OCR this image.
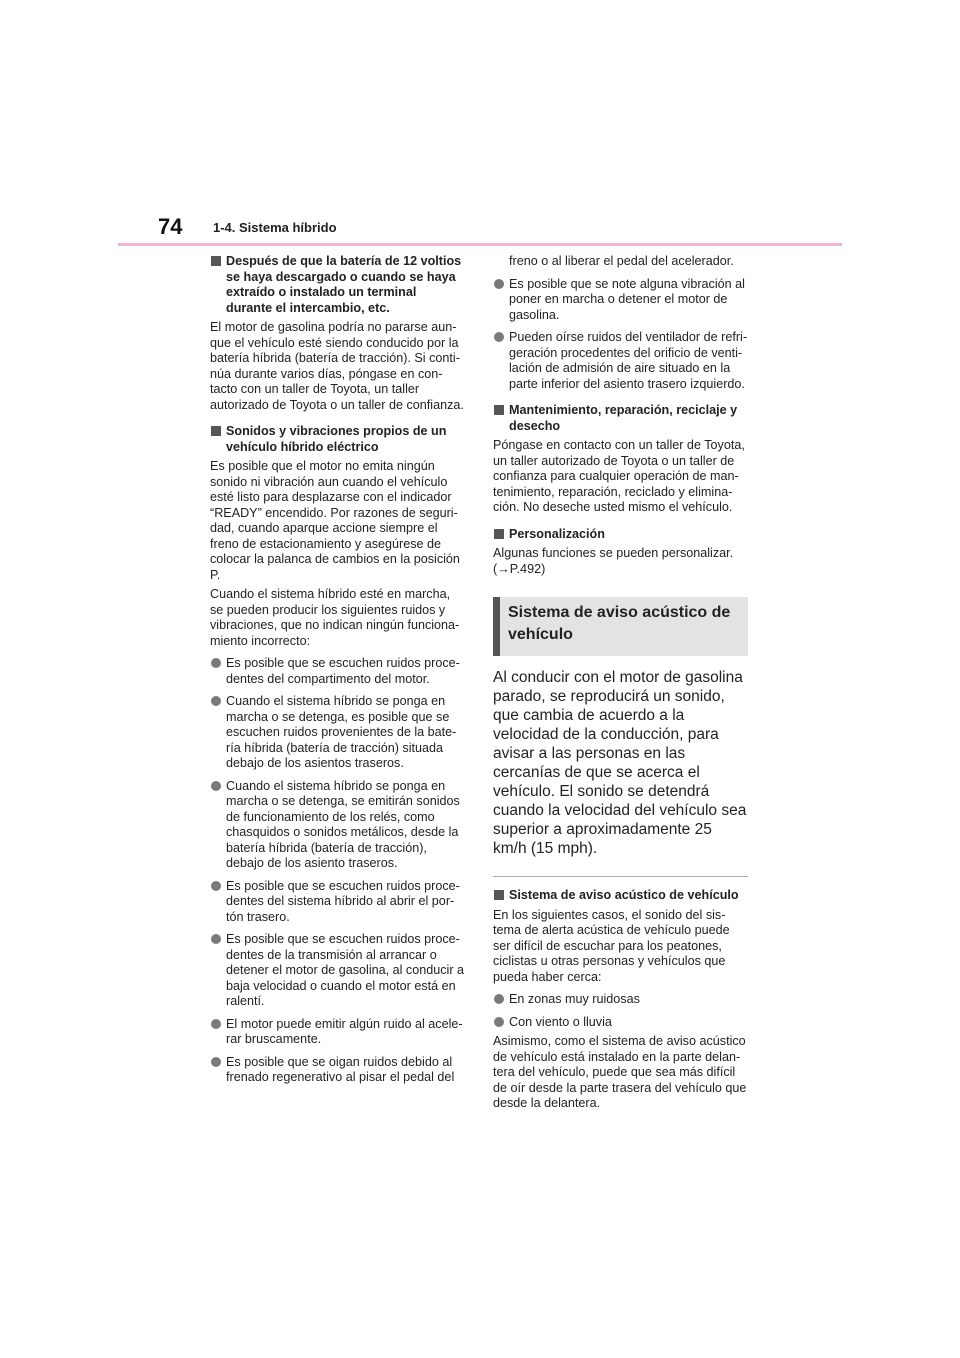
74 1-4. Sistema híbrido
Después de que la batería de 12 voltios se haya descargado o cuando se haya extraído o instalado un terminal durante el intercambio, etc.

El motor de gasolina podría no pararse aun-que el vehículo esté siendo conducido por la batería híbrida (batería de tracción). Si conti-núa durante varios días, póngase en con-tacto con un taller de Toyota, un taller autorizado de Toyota o un taller de confianza.

Sonidos y vibraciones propios de un vehículo híbrido eléctrico

Es posible que el motor no emita ningún sonido ni vibración aun cuando el vehículo esté listo para desplazarse con el indicador “READY” encendido. Por razones de seguri-dad, cuando aparque accione siempre el freno de estacionamiento y asegúrese de colocar la palanca de cambios en la posición P.

Cuando el sistema híbrido esté en marcha, se pueden producir los siguientes ruidos y vibraciones, que no indican ningún funciona-miento incorrecto:

Es posible que se escuchen ruidos proce-dentes del compartimento del motor.
Cuando el sistema híbrido se ponga en marcha o se detenga, es posible que se escuchen ruidos provenientes de la bate-ría híbrida (batería de tracción) situada debajo de los asientos traseros.
Cuando el sistema híbrido se ponga en marcha o se detenga, se emitirán sonidos de funcionamiento de los relés, como chasquidos o sonidos metálicos, desde la batería híbrida (batería de tracción), debajo de los asiento traseros.
Es posible que se escuchen ruidos proce-dentes del sistema híbrido al abrir el por-tón trasero.
Es posible que se escuchen ruidos proce-dentes de la transmisión al arrancar o detener el motor de gasolina, al conducir a baja velocidad o cuando el motor está en ralentí.
El motor puede emitir algún ruido al acele-rar bruscamente.
Es posible que se oigan ruidos debido al frenado regenerativo al pisar el pedal del
freno o al liberar el pedal del acelerador.
Es posible que se note alguna vibración al poner en marcha o detener el motor de gasolina.
Pueden oírse ruidos del ventilador de refri-geración procedentes del orificio de venti-lación de admisión de aire situado en la parte inferior del asiento trasero izquierdo.
Mantenimiento, reparación, reciclaje y desecho

Póngase en contacto con un taller de Toyota, un taller autorizado de Toyota o un taller de confianza para cualquier operación de man-tenimiento, reparación, reciclado y elimina-ción. No deseche usted mismo el vehículo.

Personalización

Algunas funciones se pueden personalizar. (→P.492)

Sistema de aviso acústico de vehículo

Al conducir con el motor de gasolina parado, se reproducirá un sonido, que cambia de acuerdo a la velocidad de la conducción, para avisar a las personas en las cercanías de que se acerca el vehículo. El sonido se detendrá cuando la velocidad del vehículo sea superior a aproximadamente 25 km/h (15 mph).

Sistema de aviso acústico de vehículo

En los siguientes casos, el sonido del sis-tema de alerta acústica de vehículo puede ser difícil de escuchar para los peatones, ciclistas u otras personas y vehículos que pueda haber cerca:

En zonas muy ruidosas
Con viento o lluvia

Asimismo, como el sistema de aviso acústico de vehículo está instalado en la parte delan-tera del vehículo, puede que sea más difícil de oír desde la parte trasera del vehículo que desde la delantera.
